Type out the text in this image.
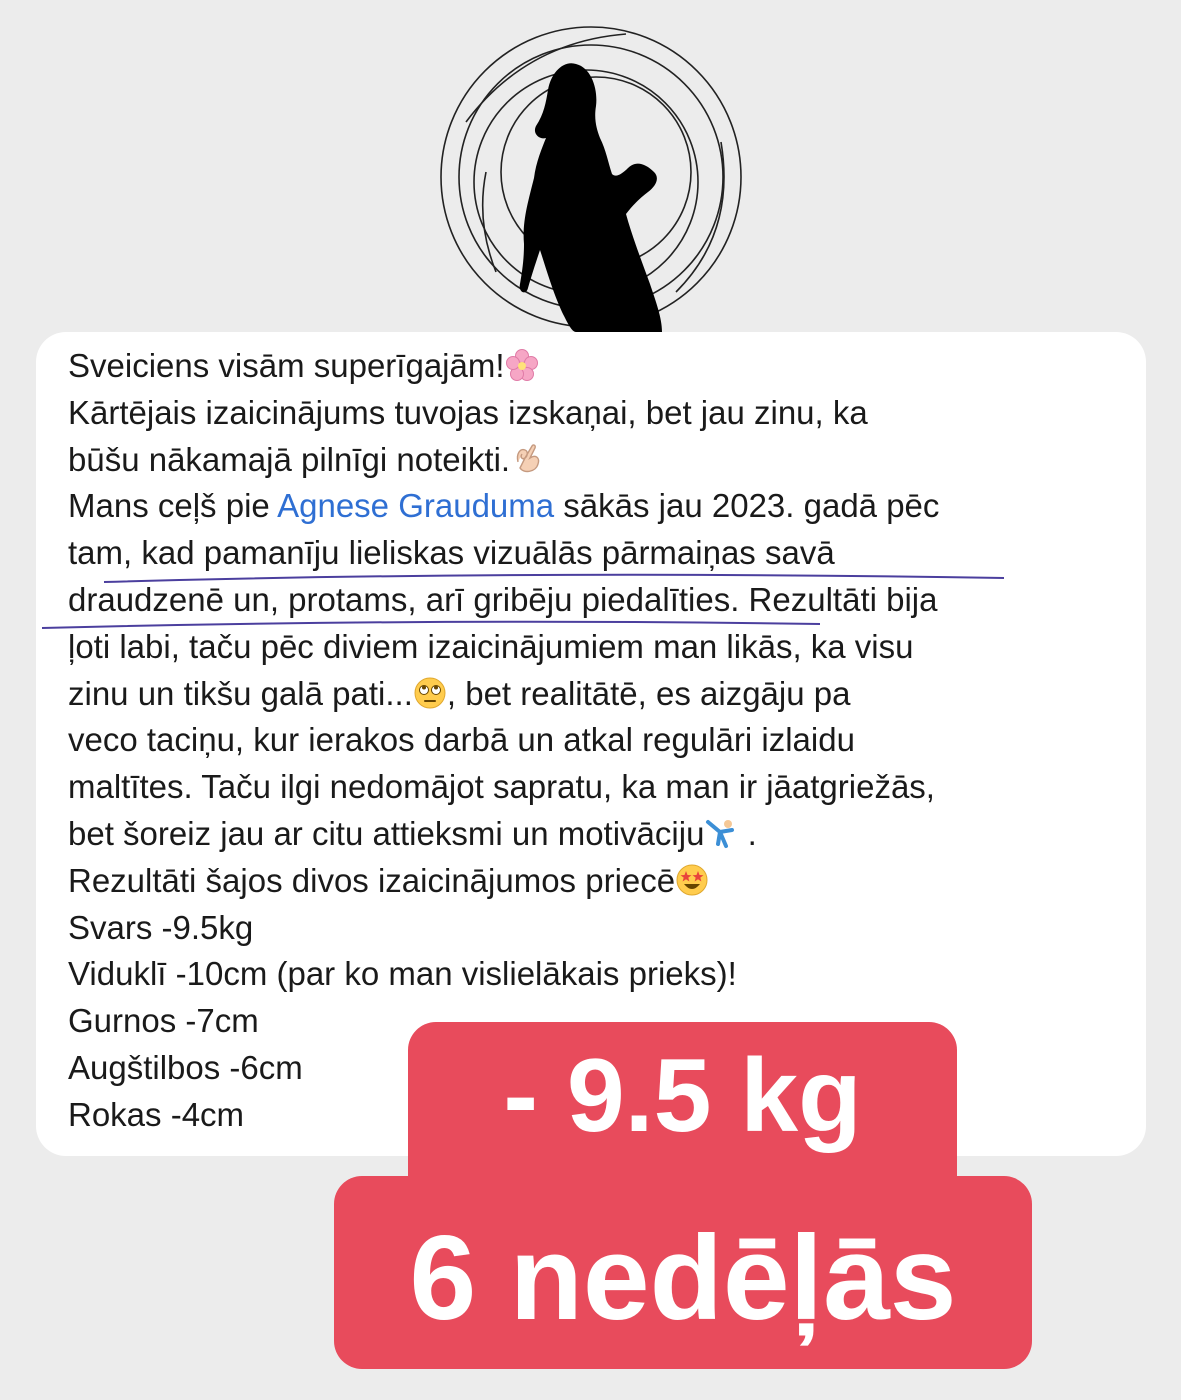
Sveiciens visām superīgajām!
Kārtējais izaicinājums tuvojas izskaņai, bet jau zinu, ka
būšu nākamajā pilnīgi noteikti.
Mans ceļš pie Agnese Grauduma sākās jau 2023. gadā pēc
tam, kad pamanīju lieliskas vizuālās pārmaiņas savā
draudzenē un, protams, arī gribēju piedalīties. Rezultāti bija
ļoti labi, taču pēc diviem izaicinājumiem man likās, ka visu
zinu un tikšu galā pati... , bet realitātē, es aizgāju pa
veco taciņu, kur ierakos darbā un atkal regulāri izlaidu
maltītes. Taču ilgi nedomājot sapratu, ka man ir jāatgriežās,
bet šoreiz jau ar citu attieksmi un motivāciju .
Rezultāti šajos divos izaicinājumos priecē
Svars -9.5kg
Viduklī -10cm (par ko man vislielākais prieks)!
Gurnos -7cm
Augštilbos -6cm
Rokas -4cm	- 9.5 kg
6 nedēļās
